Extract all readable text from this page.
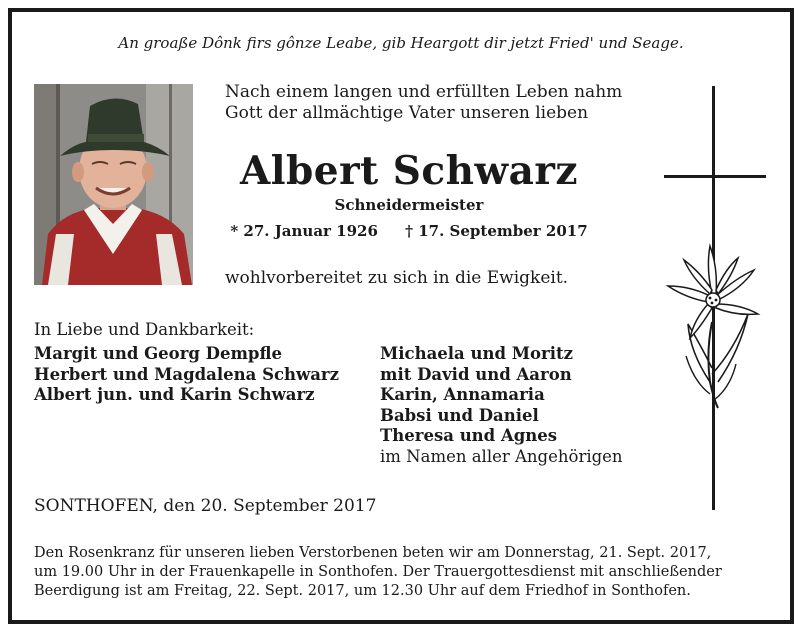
An groaße Dônk firs gônze Leabe, gib Heargott dir jetzt Fried' und Seage.
Nach einem langen und erfüllten Leben nahm
Gott der allmächtige Vater unseren lieben
Albert Schwarz
Schneidermeister
* 27. Januar 1926 † 17. September 2017
wohlvorbereitet zu sich in die Ewigkeit.
In Liebe und Dankbarkeit:
Margit und Georg Dempfle
Herbert und Magdalena Schwarz
Albert jun. und Karin Schwarz
Michaela und Moritz
mit David und Aaron
Karin, Annamaria
Babsi und Daniel
Theresa und Agnes
im Namen aller Angehörigen
SONTHOFEN, den 20. September 2017
Den Rosenkranz für unseren lieben Verstorbenen beten wir am Donnerstag, 21. Sept. 2017,
um 19.00 Uhr in der Frauenkapelle in Sonthofen. Der Trauergottesdienst mit anschließender
Beerdigung ist am Freitag, 22. Sept. 2017, um 12.30 Uhr auf dem Friedhof in Sonthofen.
